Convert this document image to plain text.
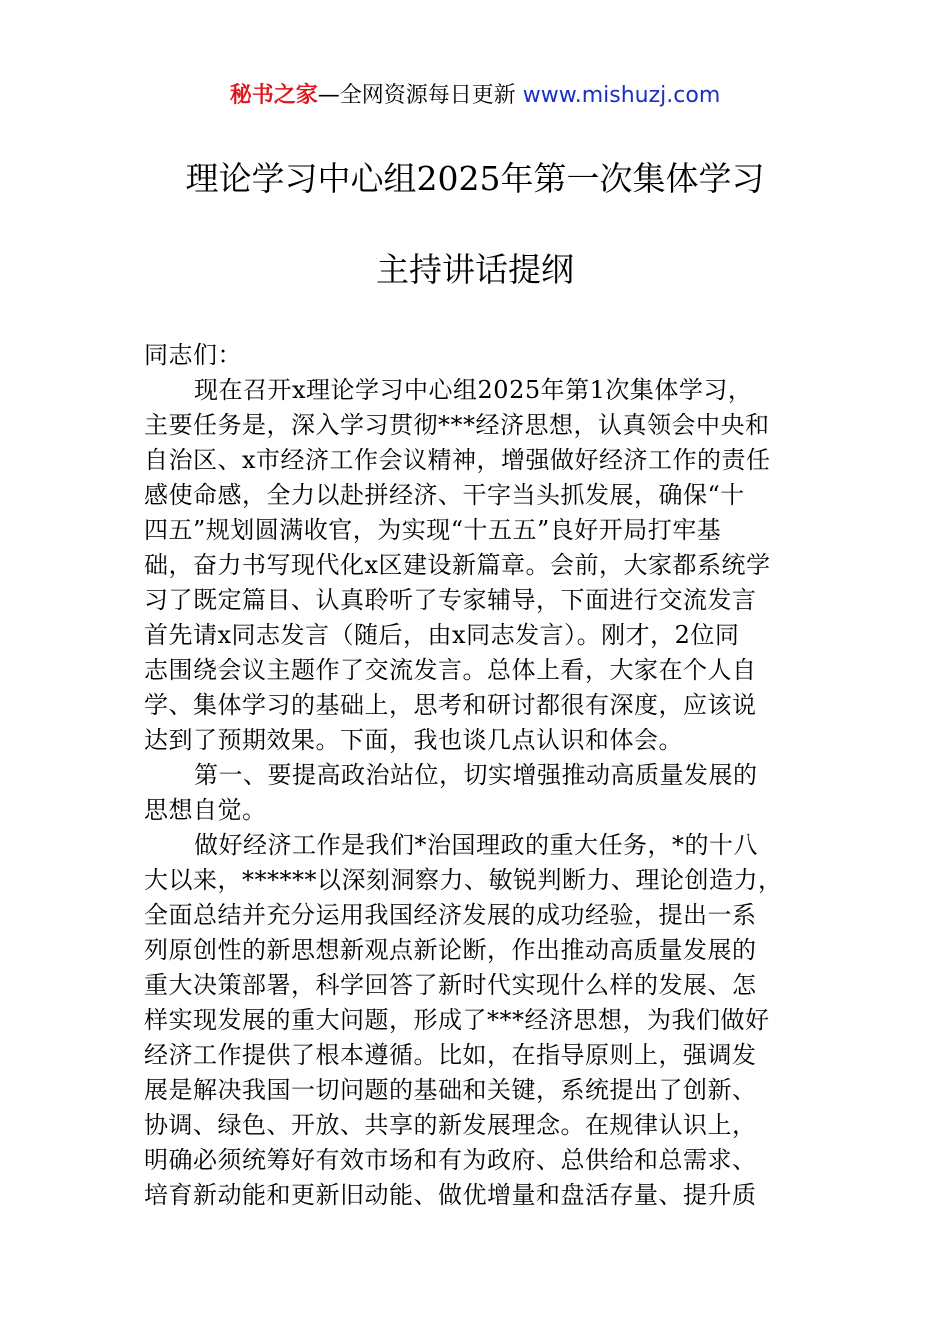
秘书之家—全网资源每日更新 www.mishuzj.com
理论学习中心组2025年第一次集体学习
主持讲话提纲
同志们：
现在召开x理论学习中心组2025年第1次集体学习，
主要任务是，深入学习贯彻***经济思想，认真领会中央和
自治区、x市经济工作会议精神，增强做好经济工作的责任
感使命感，全力以赴拼经济、干字当头抓发展，确保“十
四五”规划圆满收官，为实现“十五五”良好开局打牢基
础，奋力书写现代化x区建设新篇章。会前，大家都系统学
习了既定篇目、认真聆听了专家辅导，下面进行交流发言
首先请x同志发言（随后，由x同志发言）。刚才，2位同
志围绕会议主题作了交流发言。总体上看，大家在个人自
学、集体学习的基础上，思考和研讨都很有深度，应该说
达到了预期效果。下面，我也谈几点认识和体会。
第一、要提高政治站位，切实增强推动高质量发展的
思想自觉。
做好经济工作是我们*治国理政的重大任务，*的十八
大以来，******以深刻洞察力、敏锐判断力、理论创造力，
全面总结并充分运用我国经济发展的成功经验，提出一系
列原创性的新思想新观点新论断，作出推动高质量发展的
重大决策部署，科学回答了新时代实现什么样的发展、怎
样实现发展的重大问题，形成了***经济思想，为我们做好
经济工作提供了根本遵循。比如，在指导原则上，强调发
展是解决我国一切问题的基础和关键，系统提出了创新、
协调、绿色、开放、共享的新发展理念。在规律认识上，
明确必须统筹好有效市场和有为政府、总供给和总需求、
培育新动能和更新旧动能、做优增量和盘活存量、提升质
